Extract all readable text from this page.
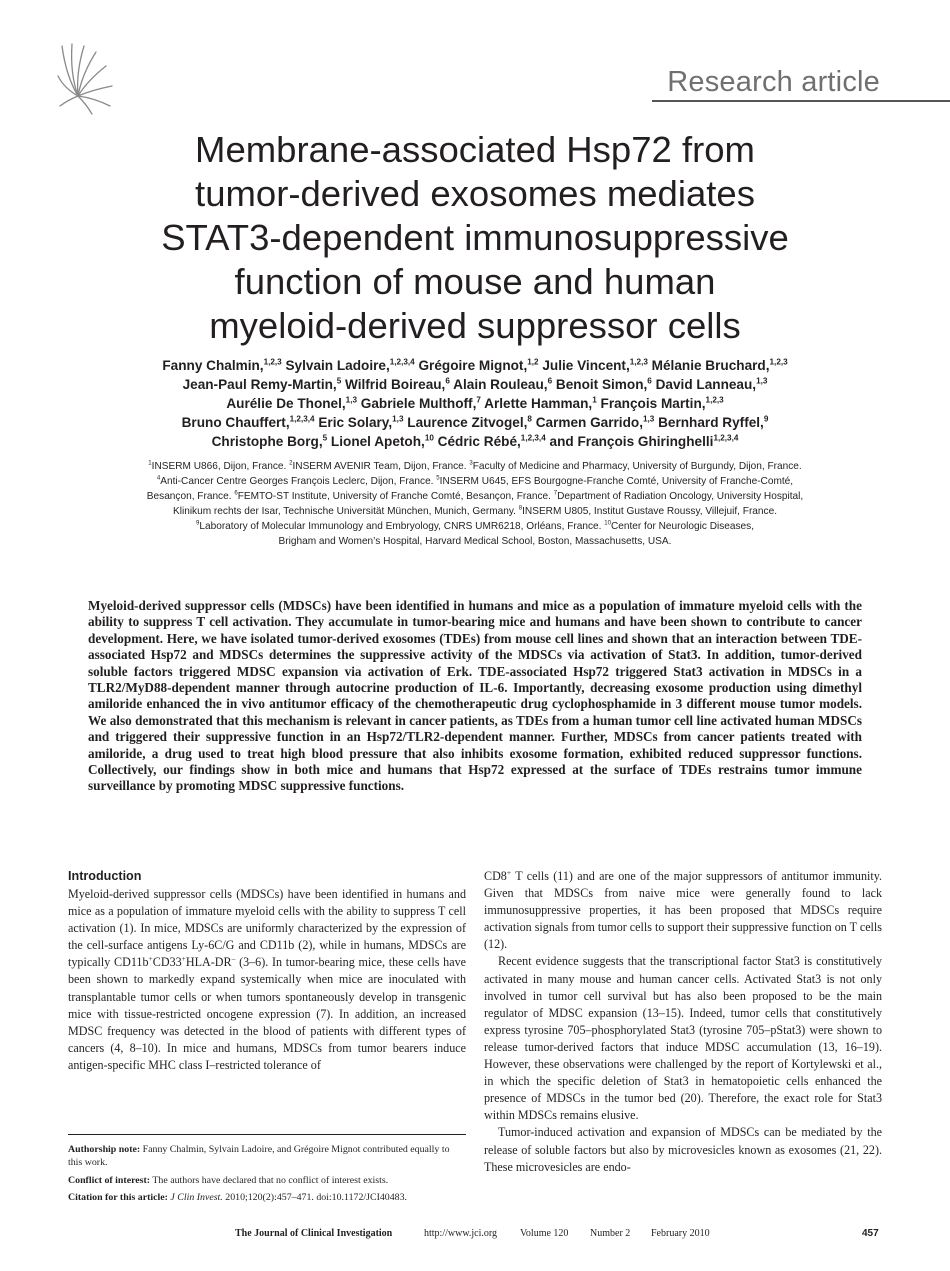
Research article
Membrane-associated Hsp72 from
tumor-derived exosomes mediates
STAT3-dependent immunosuppressive
function of mouse and human
myeloid-derived suppressor cells
Fanny Chalmin,$^{1,2,3}$ Sylvain Ladoire,$^{1,2,3,4}$ Grégoire Mignot,$^{1,2}$ Julie Vincent,$^{1,2,3}$ Mélanie Bruchard,$^{1,2,3}$
Jean-Paul Remy-Martin,$^5$ Wilfrid Boireau,$^6$ Alain Rouleau,$^6$ Benoit Simon,$^6$ David Lanneau,$^{1,3}$
Aurélie De Thonel,$^{1,3}$ Gabriele Multhoff,$^7$ Arlette Hamman,$^1$ François Martin,$^{1,2,3}$
Bruno Chauffert,$^{1,2,3,4}$ Eric Solary,$^{1,3}$ Laurence Zitvogel,$^8$ Carmen Garrido,$^{1,3}$ Bernhard Ryffel,$^9$
Christophe Borg,$^5$ Lionel Apetoh,$^{10}$ Cédric Rébé,$^{1,2,3,4}$ and François Ghiringhelli$^{1,2,3,4}$
$^1$INSERM U866, Dijon, France. $^2$INSERM AVENIR Team, Dijon, France. $^3$Faculty of Medicine and Pharmacy, University of Burgundy, Dijon, France.
$^4$Anti-Cancer Centre Georges François Leclerc, Dijon, France. $^5$INSERM U645, EFS Bourgogne-Franche Comté, University of Franche-Comté,
Besançon, France. $^6$FEMTO-ST Institute, University of Franche Comté, Besançon, France. $^7$Department of Radiation Oncology, University Hospital,
Klinikum rechts der Isar, Technische Universität München, Munich, Germany. $^8$INSERM U805, Institut Gustave Roussy, Villejuif, France.
$^9$Laboratory of Molecular Immunology and Embryology, CNRS UMR6218, Orléans, France. $^{10}$Center for Neurologic Diseases,
Brigham and Women’s Hospital, Harvard Medical School, Boston, Massachusetts, USA.

Myeloid-derived suppressor cells (MDSCs) have been identified in humans and mice as a population of immature myeloid cells with the ability to suppress T cell activation. They accumulate in tumor-bearing mice and humans and have been shown to contribute to cancer development. Here, we have isolated tumor-derived exosomes (TDEs) from mouse cell lines and shown that an interaction between TDE-associated Hsp72 and MDSCs determines the suppressive activity of the MDSCs via activation of Stat3. In addition, tumor-derived soluble factors triggered MDSC expansion via activation of Erk. TDE-associated Hsp72 triggered Stat3 activation in MDSCs in a TLR2/MyD88-dependent manner through autocrine production of IL-6. Importantly, decreasing exosome production using dimethyl amiloride enhanced the in vivo antitumor efficacy of the chemotherapeutic drug cyclophosphamide in 3 different mouse tumor models. We also demonstrated that this mechanism is relevant in cancer patients, as TDEs from a human tumor cell line activated human MDSCs and triggered their suppressive function in an Hsp72/TLR2-dependent manner. Further, MDSCs from cancer patients treated with amiloride, a drug used to treat high blood pressure that also inhibits exosome formation, exhibited reduced suppressor functions. Collectively, our findings show in both mice and humans that Hsp72 expressed at the surface of TDEs restrains tumor immune surveillance by promoting MDSC suppressive functions.

Introduction

Myeloid-derived suppressor cells (MDSCs) have been identified in humans and mice as a population of immature myeloid cells with the ability to suppress T cell activation (1). In mice, MDSCs are uniformly characterized by the expression of the cell-surface antigens Ly-6C/G and CD11b (2), while in humans, MDSCs are typically CD11b+CD33+HLA-DR– (3–6). In tumor-bearing mice, these cells have been shown to markedly expand systemically when mice are inoculated with transplantable tumor cells or when tumors spontaneously develop in transgenic mice with tissue-restricted oncogene expression (7). In addition, an increased MDSC frequency was detected in the blood of patients with different types of cancers (4, 8–10). In mice and humans, MDSCs from tumor bearers induce antigen-specific MHC class I–restricted tolerance of

Authorship note: Fanny Chalmin, Sylvain Ladoire, and Grégoire Mignot contributed equally to this work.

Conflict of interest: The authors have declared that no conflict of interest exists.

Citation for this article: J Clin Invest. 2010;120(2):457–471. doi:10.1172/JCI40483.

CD8+ T cells (11) and are one of the major suppressors of antitumor immunity. Given that MDSCs from naive mice were generally found to lack immunosuppressive properties, it has been proposed that MDSCs require activation signals from tumor cells to support their suppressive function on T cells (12).

Recent evidence suggests that the transcriptional factor Stat3 is constitutively activated in many mouse and human cancer cells. Activated Stat3 is not only involved in tumor cell survival but has also been proposed to be the main regulator of MDSC expansion (13–15). Indeed, tumor cells that constitutively express tyrosine 705–phosphorylated Stat3 (tyrosine 705–pStat3) were shown to release tumor-derived factors that induce MDSC accumulation (13, 16–19). However, these observations were challenged by the report of Kortylewski et al., in which the specific deletion of Stat3 in hematopoietic cells enhanced the presence of MDSCs in the tumor bed (20). Therefore, the exact role for Stat3 within MDSCs remains elusive.

Tumor-induced activation and expansion of MDSCs can be mediated by the release of soluble factors but also by microvesicles known as exosomes (21, 22). These microvesicles are endo-

The Journal of Clinical Investigation	http://www.jci.org Volume 120 Number 2 February 2010	457
